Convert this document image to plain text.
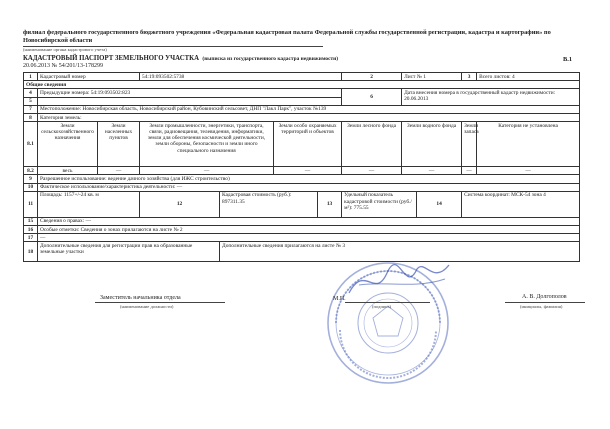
филиал федерального государственного бюджетного учреждения «Федеральная кадастровая палата Федеральной службы государственной регистрации, кадастра и картографии» по Новосибирской области
(наименование органа кадастрового учета)
КАДАСТРОВЫЙ ПАСПОРТ ЗЕМЕЛЬНОГО УЧАСТКА (выписка из государственного кадастра недвижимости)	В.1
20.06.2013 № 54/201/13-178299
1	Кадастровый номер		54:19:093502:5738				2	Лист № 1		3	Всего листов: 4
Общие сведения											
4	Предыдущие номера: 54:19:093502:823						6	Дата внесения номера в государственный кадастр недвижимости: 20.06.2013			
5											
7	Местоположение: Новосибирская область, Новосибирский район, Кубовинский сельсовет, ДНП "Лакл Парк", участок №139										
8	Категория земель:										
8.1	Земли сельскохозяйственного назначения	Земли населенных пунктов	Земли промышленности, энергетики, транспорта, связи, радиовещания, телевидения, информатики, земли для обеспечения космической деятельности, земли обороны, безопасности и земли иного специального назначения		Земли особо охраняемых территорий и объектов		Земли лесного фонда	Земли водного фонда		Земли запаса	Категория не установлена
8.2	весь	—	—		—		—	—		—	—
9	Разрешенное использование: ведение дачного хозяйства (для ИЖС строительство)										
10	Фактическое использование/характеристика деятельности: —										
11	Площадь: 1157+/-24 кв. м		12	Кадастровая стоимость (руб.): 897311.35		13	Удельный показатель кадастровой стоимости (руб./м²): 775.55		14	Система координат: МСК-54 зона 4	
15	Сведения о правах: —										
16	Особые отметки: Сведения о зонах прилагаются на листе № 2										
17	—										
18	Дополнительные сведения для регистрации прав на образованные земельные участки			Дополнительные сведения прилагаются на листе № 3							
Заместитель начальника отдела
(наименование должности)
М.П.
(подпись)
А. В. Долгополов
(инициалы, фамилия)
